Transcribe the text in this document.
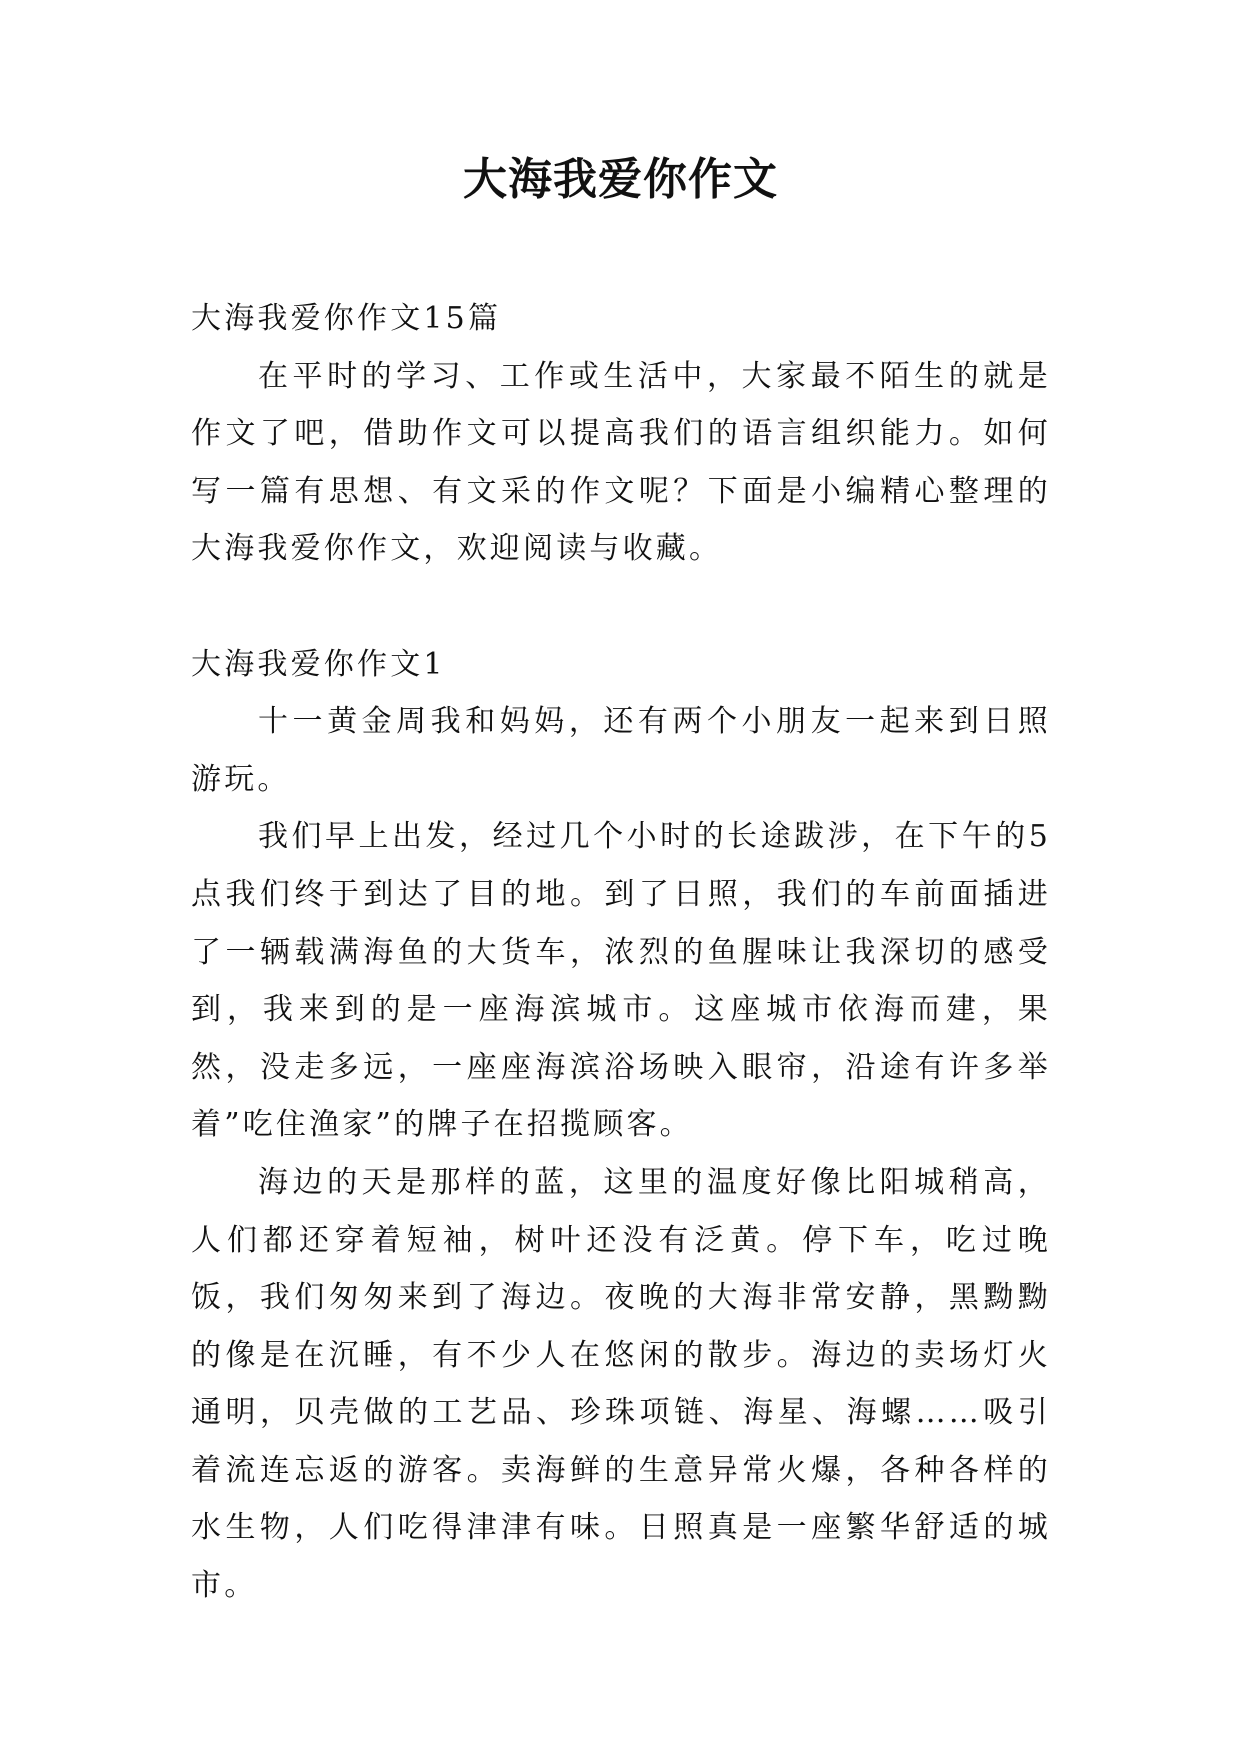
大海我爱你作文

大海我爱你作文15篇

在平时的学习、工作或生活中，大家最不陌生的就是作文了吧，借助作文可以提高我们的语言组织能力。如何写一篇有思想、有文采的作文呢？下面是小编精心整理的大海我爱你作文，欢迎阅读与收藏。

大海我爱你作文1

十一黄金周我和妈妈，还有两个小朋友一起来到日照游玩。

我们早上出发，经过几个小时的长途跋涉，在下午的5点我们终于到达了目的地。到了日照，我们的车前面插进了一辆载满海鱼的大货车，浓烈的鱼腥味让我深切的感受到，我来到的是一座海滨城市。这座城市依海而建，果然，没走多远，一座座海滨浴场映入眼帘，沿途有许多举着”吃住渔家”的牌子在招揽顾客。

海边的天是那样的蓝，这里的温度好像比阳城稍高，人们都还穿着短袖，树叶还没有泛黄。停下车，吃过晚饭，我们匆匆来到了海边。夜晚的大海非常安静，黑黝黝的像是在沉睡，有不少人在悠闲的散步。海边的卖场灯火通明，贝壳做的工艺品、珍珠项链、海星、海螺……吸引着流连忘返的游客。卖海鲜的生意异常火爆，各种各样的水生物，人们吃得津津有味。日照真是一座繁华舒适的城市。
